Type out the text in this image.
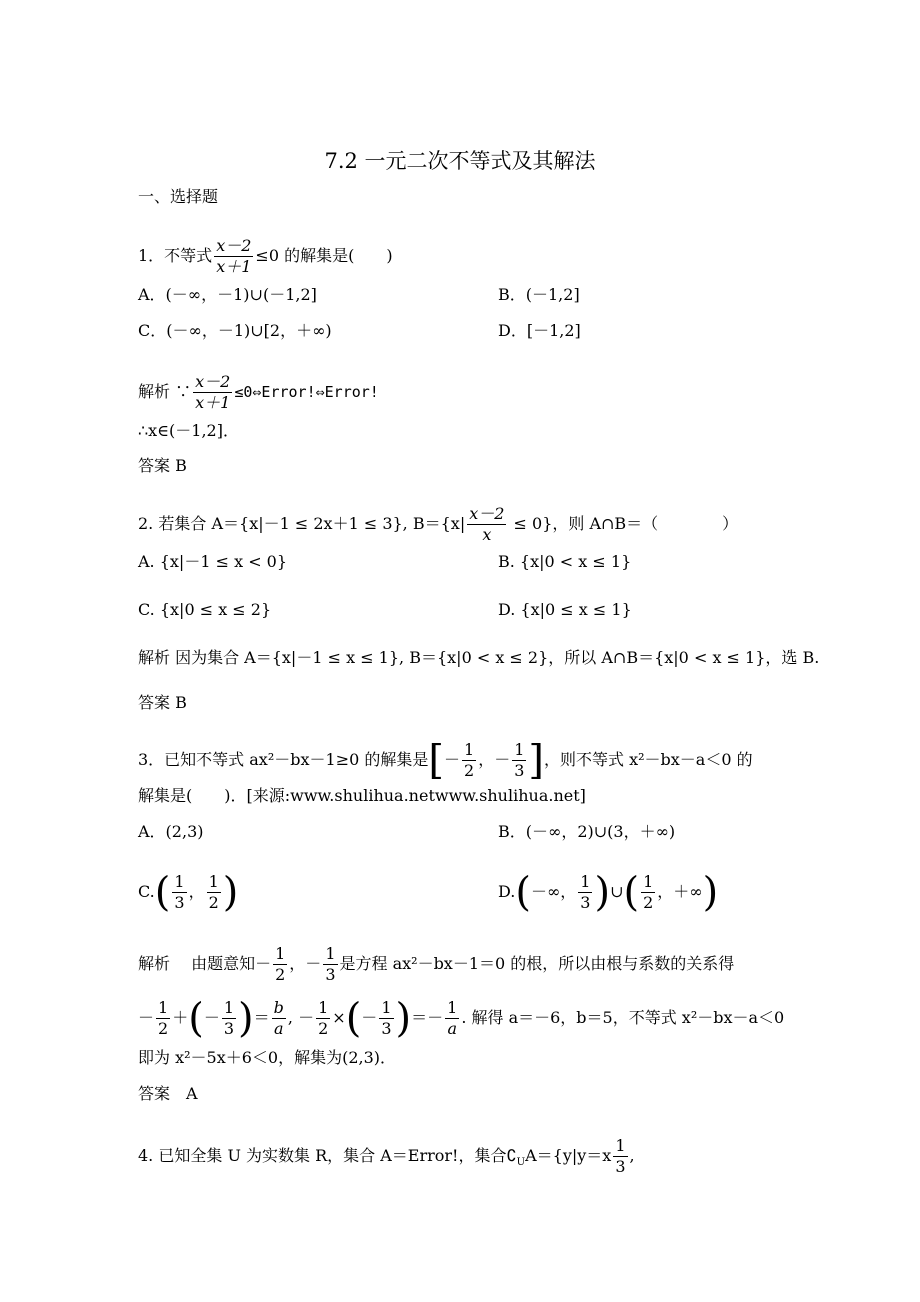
7.2 一元二次不等式及其解法
一、选择题
1．不等式 $\frac{x-2}{x+1} \le 0$ 的解集是(　　)
A．(－∞，－1)∪(－1,2]	B．(－1,2]
C．(－∞，－1)∪[2，＋∞)	D．[－1,2]
解析 ∵ $\frac{x-2}{x+1}$ ≤0⇔Error!⇔Error!
∴x∈(－1,2]．
答案 B
2. 若集合 A＝{x|－1 ≤ 2x＋1 ≤ 3}, $B=\{x| \frac{x-2}{x} \le 0\}$，则 A∩B＝（　　　　）
A. {x|－1 ≤ x < 0}	B. {x|0 < x ≤ 1}
C. {x|0 ≤ x ≤ 2}	D. {x|0 ≤ x ≤ 1}
解析 因为集合 A＝{x|－1 ≤ x ≤ 1}, B＝{x|0 < x ≤ 2}，所以 A∩B＝{x|0 < x ≤ 1}，选 B.
答案 B
3．已知不等式 ax²－bx－1≥0 的解集是[－ $\frac{1}{2}$ ，－ $\frac{1}{3}$ ]，则不等式 x²－bx－a＜0 的
解集是(　　)．[来源:www.shulihua.netwww.shulihua.net]
A．(2,3)	B．(－∞，2)∪(3，＋∞)
$C.( \frac{1}{3}$ ， $\frac{1}{2}$ )	D.(－∞， $\frac{1}{3}$ )∪( $\frac{1}{2}$ ，＋∞)
解析　 由题意知－ $\frac{1}{2}$ ，－ $\frac{1}{3}$ 是方程 ax²－bx－1＝0 的根，所以由根与系数的关系得
－ $\frac{1}{2}$ ＋(－ $\frac{1}{3}$ )＝ $\frac{b}{a}$ , － $\frac{1}{2}$ ×(－ $\frac{1}{3}$ )＝－ $\frac{1}{a}$ . 解得 a＝－6，b＝5，不等式 x²－bx－a＜0
即为 x²－5x＋6＜0，解集为(2,3)．
答案　A
4. 已知全集 U 为实数集 R，集合 A＝Error!，集合$∁_UA=\{y|y=x \frac{1}{3}$ ,
